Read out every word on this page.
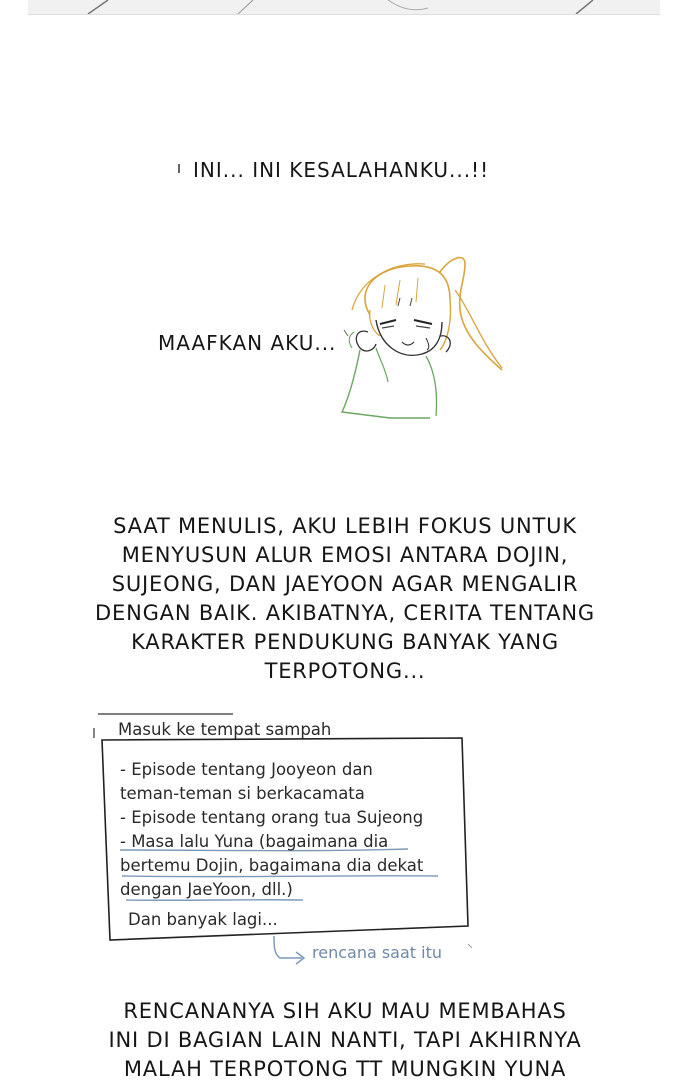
INI... INI KESALAHANKU...!!
MAAFKAN AKU...
SAAT MENULIS, AKU LEBIH FOKUS UNTUK
MENYUSUN ALUR EMOSI ANTARA DOJIN,
SUJEONG, DAN JAEYOON AGAR MENGALIR
DENGAN BAIK. AKIBATNYA, CERITA TENTANG
KARAKTER PENDUKUNG BANYAK YANG
TERPOTONG...
Masuk ke tempat sampah
- Episode tentang Jooyeon dan
teman-teman si berkacamata
- Episode tentang orang tua Sujeong
- Masa lalu Yuna (bagaimana dia
bertemu Dojin, bagaimana dia dekat
dengan JaeYoon, dll.)
Dan banyak lagi...
rencana saat itu
RENCANANYA SIH AKU MAU MEMBAHAS
INI DI BAGIAN LAIN NANTI, TAPI AKHIRNYA
MALAH TERPOTONG TT MUNGKIN YUNA
